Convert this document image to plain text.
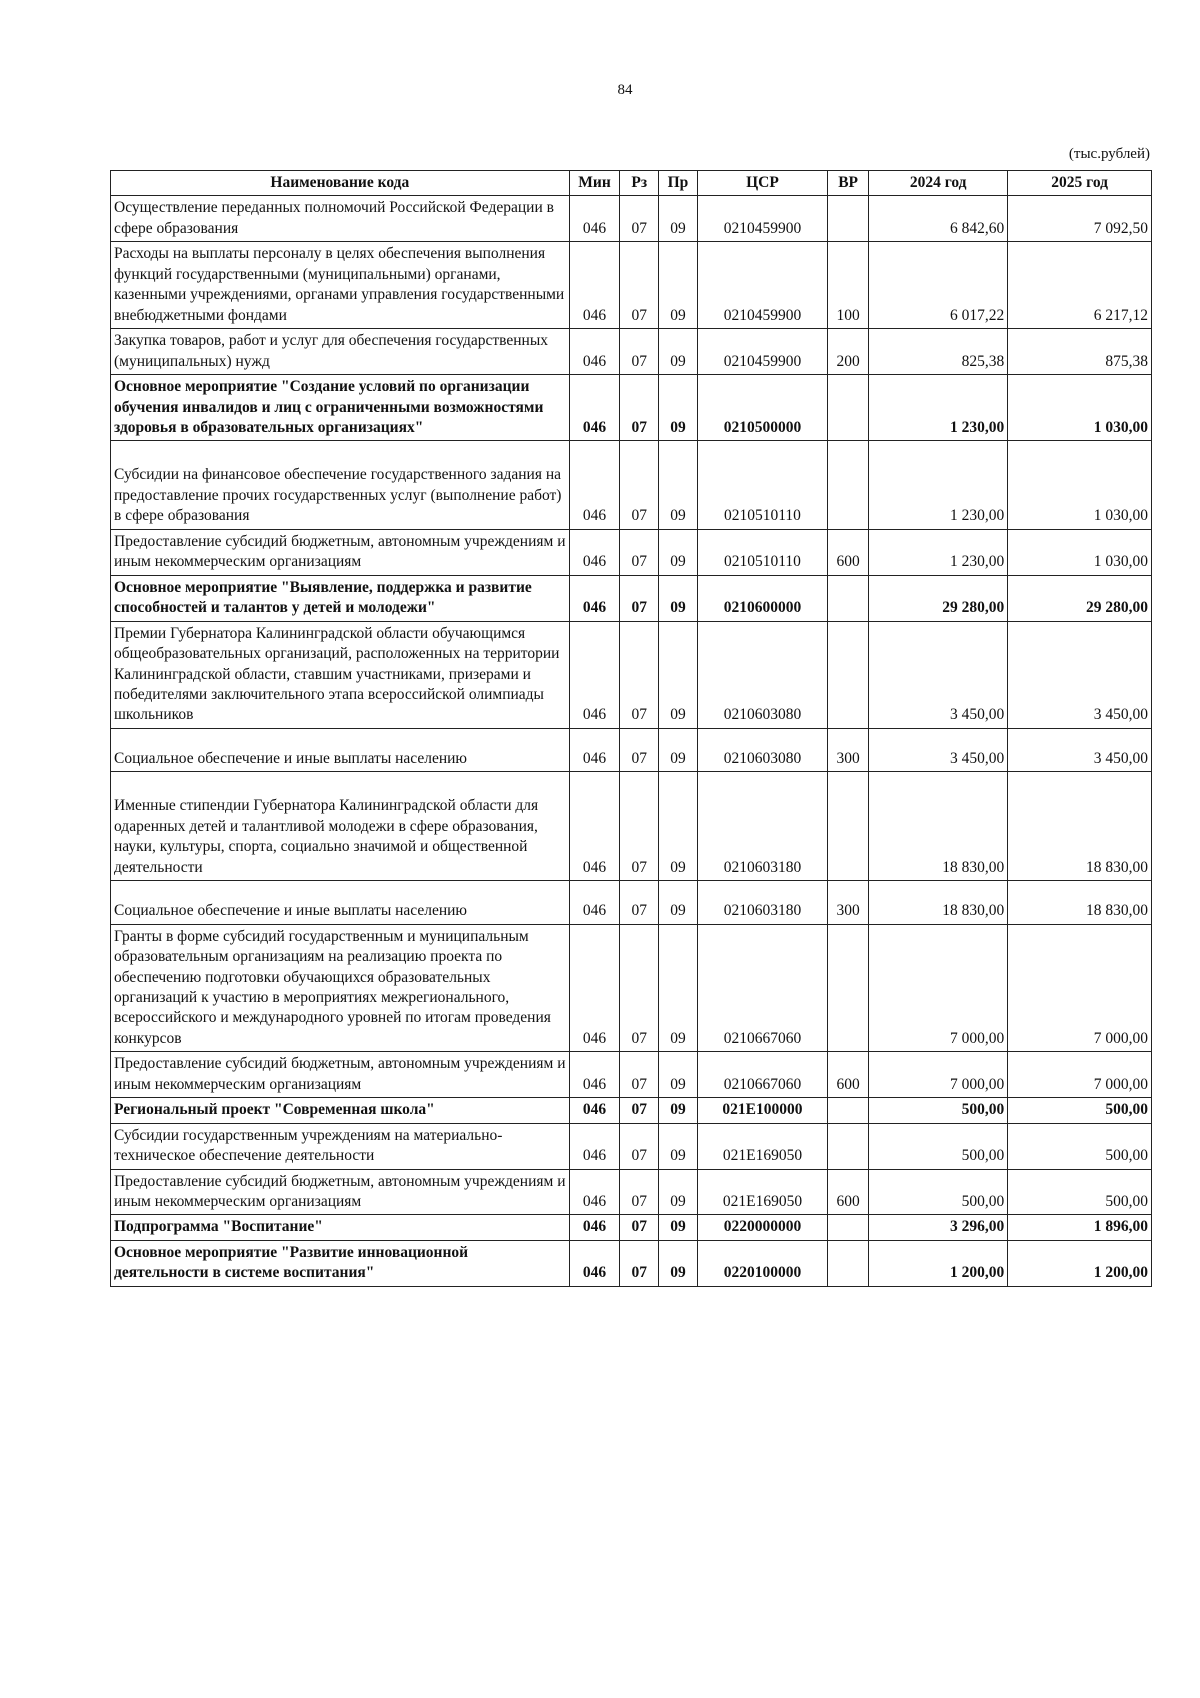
84
(тыс.рублей)
Наименование кода	Мин	Рз	Пр	ЦСР	ВР	2024 год	2025 год
Осуществление переданных полномочий Российской Федерации в сфере образования	046	07	09	0210459900		6 842,60	7 092,50
Расходы на выплаты персоналу в целях обеспечения выполнения функций государственными (муниципальными) органами, казенными учреждениями, органами управления государственными внебюджетными фондами	046	07	09	0210459900	100	6 017,22	6 217,12
Закупка товаров, работ и услуг для обеспечения государственных (муниципальных) нужд	046	07	09	0210459900	200	825,38	875,38
Основное мероприятие "Создание условий по организации обучения инвалидов и лиц с ограниченными возможностями здоровья в образовательных организациях"	046	07	09	0210500000		1 230,00	1 030,00
Субсидии на финансовое обеспечение государственного задания на предоставление прочих государственных услуг (выполнение работ) в сфере образования	046	07	09	0210510110		1 230,00	1 030,00
Предоставление субсидий бюджетным, автономным учреждениям и иным некоммерческим организациям	046	07	09	0210510110	600	1 230,00	1 030,00
Основное мероприятие "Выявление, поддержка и развитие способностей и талантов у детей и молодежи"	046	07	09	0210600000		29 280,00	29 280,00
Премии Губернатора Калининградской области обучающимся общеобразовательных организаций, расположенных на территории Калининградской области, ставшим участниками, призерами и победителями заключительного этапа всероссийской олимпиады школьников	046	07	09	0210603080		3 450,00	3 450,00
Социальное обеспечение и иные выплаты населению	046	07	09	0210603080	300	3 450,00	3 450,00
Именные стипендии Губернатора Калининградской области для одаренных детей и талантливой молодежи в сфере образования, науки, культуры, спорта, социально значимой и общественной деятельности	046	07	09	0210603180		18 830,00	18 830,00
Социальное обеспечение и иные выплаты населению	046	07	09	0210603180	300	18 830,00	18 830,00
Гранты в форме субсидий государственным и муниципальным образовательным организациям на реализацию проекта по обеспечению подготовки обучающихся образовательных организаций к участию в мероприятиях межрегионального, всероссийского и международного уровней по итогам проведения конкурсов	046	07	09	0210667060		7 000,00	7 000,00
Предоставление субсидий бюджетным, автономным учреждениям и иным некоммерческим организациям	046	07	09	0210667060	600	7 000,00	7 000,00
Региональный проект "Современная школа"	046	07	09	021E100000		500,00	500,00
Субсидии государственным учреждениям на материально-техническое обеспечение деятельности	046	07	09	021E169050		500,00	500,00
Предоставление субсидий бюджетным, автономным учреждениям и иным некоммерческим организациям	046	07	09	021E169050	600	500,00	500,00
Подпрограмма "Воспитание"	046	07	09	0220000000		3 296,00	1 896,00
Основное мероприятие "Развитие инновационной деятельности в системе воспитания"	046	07	09	0220100000		1 200,00	1 200,00
